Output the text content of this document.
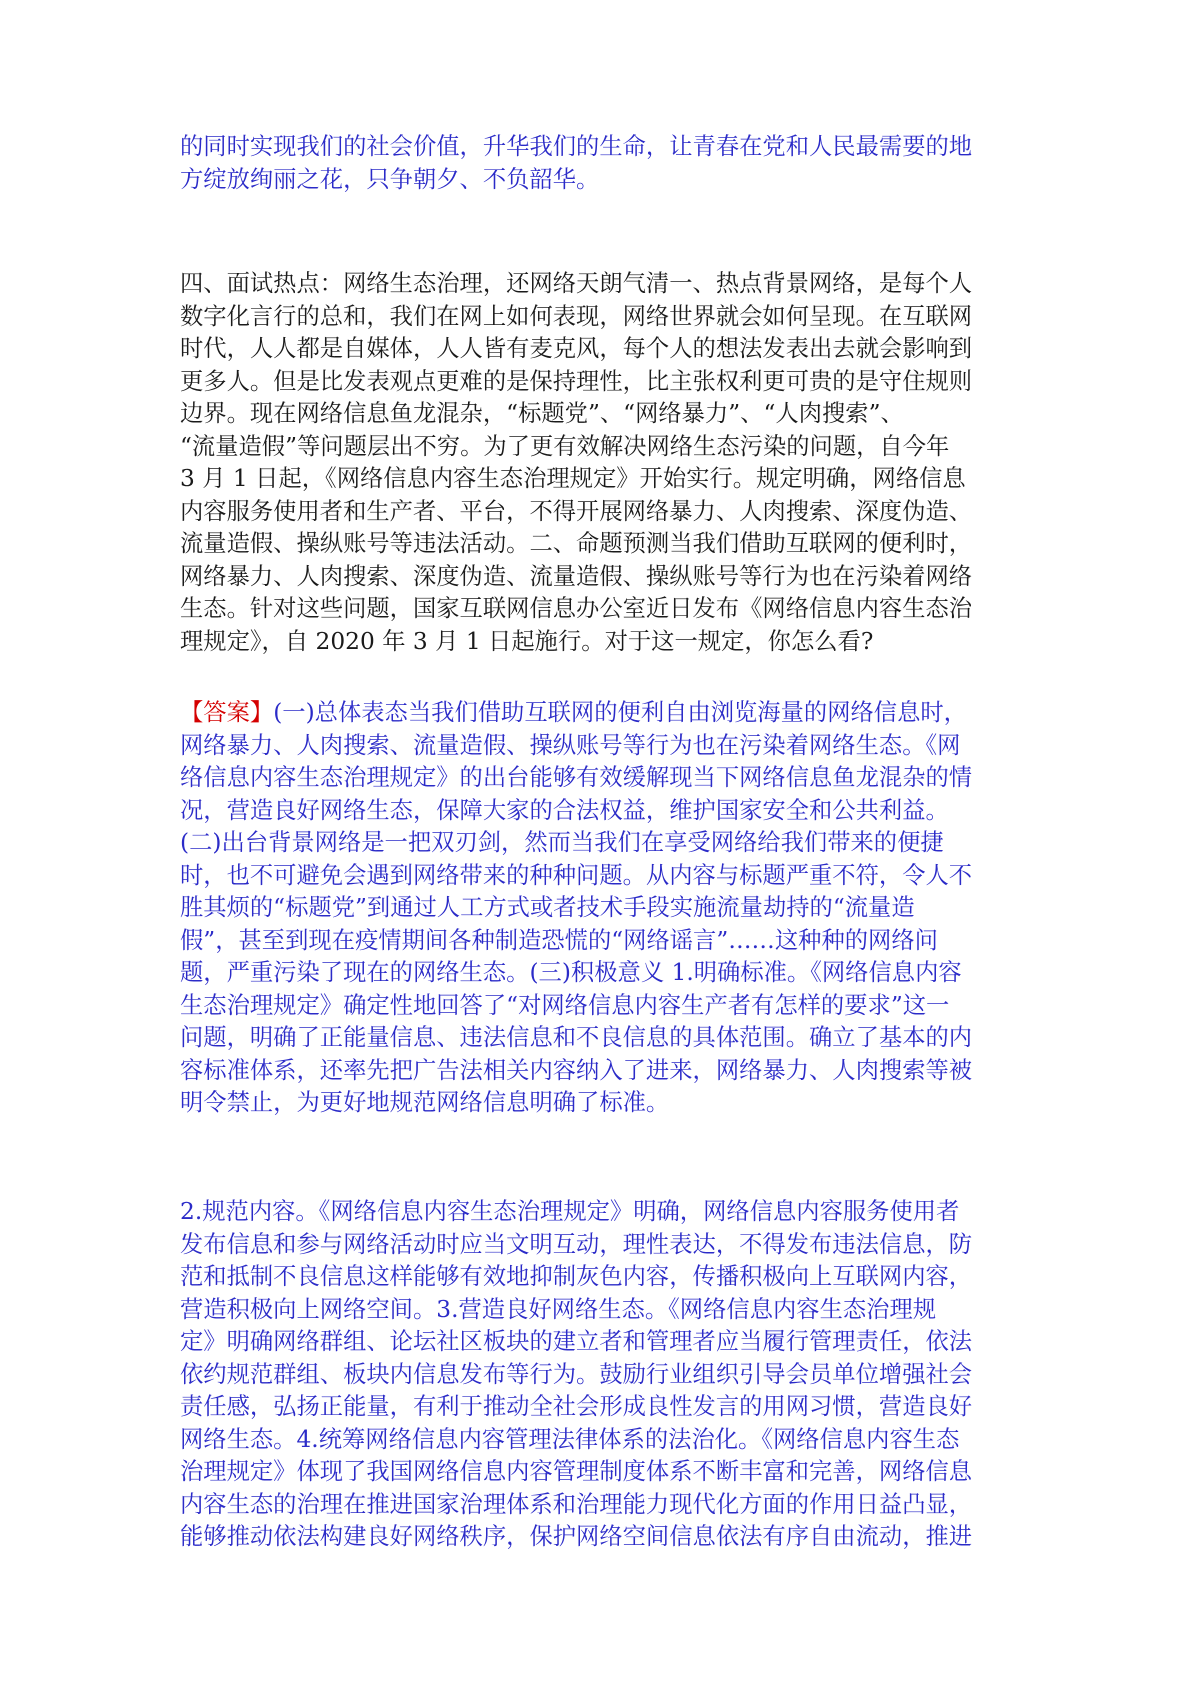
的同时实现我们的社会价值，升华我们的生命，让青春在党和人民最需要的地
方绽放绚丽之花，只争朝夕、不负韶华。
四、面试热点：网络生态治理，还网络天朗气清一、热点背景网络，是每个人
数字化言行的总和，我们在网上如何表现，网络世界就会如何呈现。在互联网
时代，人人都是自媒体，人人皆有麦克风，每个人的想法发表出去就会影响到
更多人。但是比发表观点更难的是保持理性，比主张权利更可贵的是守住规则
边界。现在网络信息鱼龙混杂，“标题党”、“网络暴力”、“人肉搜索”、
“流量造假”等问题层出不穷。为了更有效解决网络生态污染的问题，自今年
3 月 1 日起，《网络信息内容生态治理规定》开始实行。规定明确，网络信息
内容服务使用者和生产者、平台，不得开展网络暴力、人肉搜索、深度伪造、
流量造假、操纵账号等违法活动。二、命题预测当我们借助互联网的便利时，
网络暴力、人肉搜索、深度伪造、流量造假、操纵账号等行为也在污染着网络
生态。针对这些问题，国家互联网信息办公室近日发布《网络信息内容生态治
理规定》，自 2020 年 3 月 1 日起施行。对于这一规定，你怎么看?
【答案】(一)总体表态当我们借助互联网的便利自由浏览海量的网络信息时，
网络暴力、人肉搜索、流量造假、操纵账号等行为也在污染着网络生态。《网
络信息内容生态治理规定》的出台能够有效缓解现当下网络信息鱼龙混杂的情
况，营造良好网络生态，保障大家的合法权益，维护国家安全和公共利益。
(二)出台背景网络是一把双刃剑，然而当我们在享受网络给我们带来的便捷
时，也不可避免会遇到网络带来的种种问题。从内容与标题严重不符，令人不
胜其烦的“标题党”到通过人工方式或者技术手段实施流量劫持的“流量造
假”，甚至到现在疫情期间各种制造恐慌的“网络谣言”……这种种的网络问
题，严重污染了现在的网络生态。(三)积极意义 1.明确标准。《网络信息内容
生态治理规定》确定性地回答了“对网络信息内容生产者有怎样的要求”这一
问题，明确了正能量信息、违法信息和不良信息的具体范围。确立了基本的内
容标准体系，还率先把广告法相关内容纳入了进来，网络暴力、人肉搜索等被
明令禁止，为更好地规范网络信息明确了标准。
2.规范内容。《网络信息内容生态治理规定》明确，网络信息内容服务使用者
发布信息和参与网络活动时应当文明互动，理性表达，不得发布违法信息，防
范和抵制不良信息这样能够有效地抑制灰色内容，传播积极向上互联网内容，
营造积极向上网络空间。3.营造良好网络生态。《网络信息内容生态治理规
定》明确网络群组、论坛社区板块的建立者和管理者应当履行管理责任，依法
依约规范群组、板块内信息发布等行为。鼓励行业组织引导会员单位增强社会
责任感，弘扬正能量，有利于推动全社会形成良性发言的用网习惯，营造良好
网络生态。4.统筹网络信息内容管理法律体系的法治化。《网络信息内容生态
治理规定》体现了我国网络信息内容管理制度体系不断丰富和完善，网络信息
内容生态的治理在推进国家治理体系和治理能力现代化方面的作用日益凸显，
能够推动依法构建良好网络秩序，保护网络空间信息依法有序自由流动，推进
